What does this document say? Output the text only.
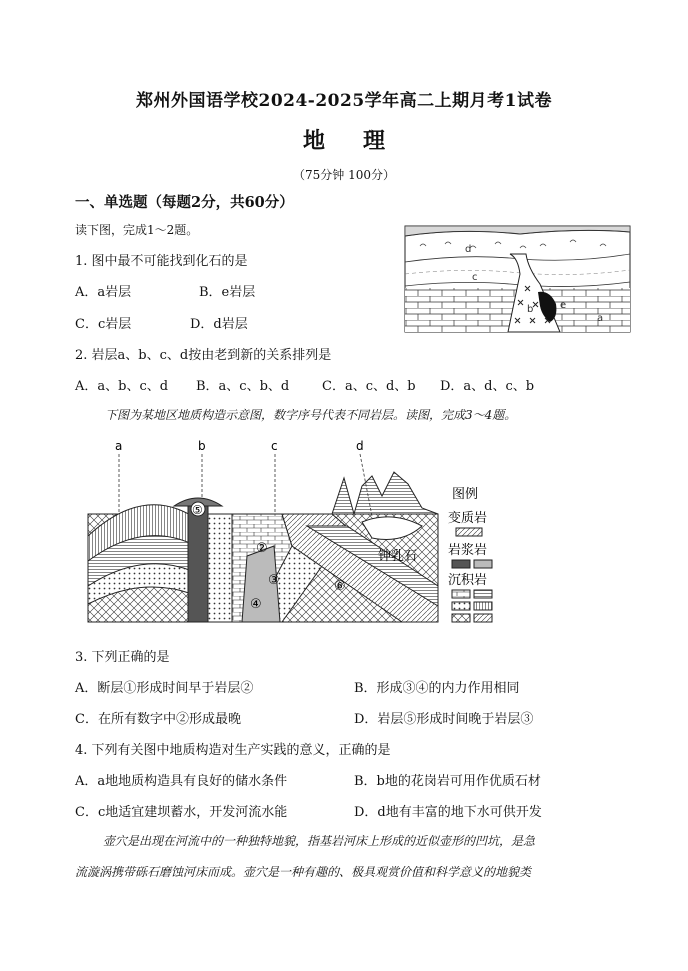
郑州外国语学校2024-2025学年高二上期月考1试卷
地理
（75分钟 100分）
一、单选题（每题2分，共60分）
读下图，完成1～2题。
1. 图中最不可能找到化石的是
A．a岩层	B．e岩层
C．c岩层	D．d岩层
d
c
b	e
a
2. 岩层a、b、c、d按由老到新的关系排列是
A．a、b、c、d B．a、c、b、d	C．a、c、d、b D．a、d、c、b
下图为某地区地质构造示意图，数字序号代表不同岩层。读图，完成3～4题。
a	b	c	d
⑤
②
③
④
⑥
钟乳石
图例
变质岩
岩浆岩
沉积岩
3. 下列正确的是
A．断层①形成时间早于岩层②	B．形成③④的内力作用相同
C．在所有数字中②形成最晚	D．岩层⑤形成时间晚于岩层③
4. 下列有关图中地质构造对生产实践的意义，正确的是
A．a地地质构造具有良好的储水条件	B．b地的花岗岩可用作优质石材
C．c地适宜建坝蓄水，开发河流水能	D．d地有丰富的地下水可供开发
壶穴是出现在河流中的一种独特地貌，指基岩河床上形成的近似壶形的凹坑，是急
流漩涡携带砾石磨蚀河床而成。壶穴是一种有趣的、极具观赏价值和科学意义的地貌类
